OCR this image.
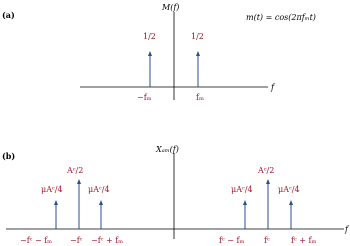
(a)
M(f)
f
m(t) = cos(2πfₘt)
1/2
−fₘ
1/2
fₘ
(b)
Xₐₘ(f)
f
μAᶜ/4
−fᶜ − fₘ
Aᶜ/2
−fᶜ
μAᶜ/4
−fᶜ + fₘ
μAᶜ/4
fᶜ − fₘ
Aᶜ/2
fᶜ
μAᶜ/4
fᶜ + fₘ
